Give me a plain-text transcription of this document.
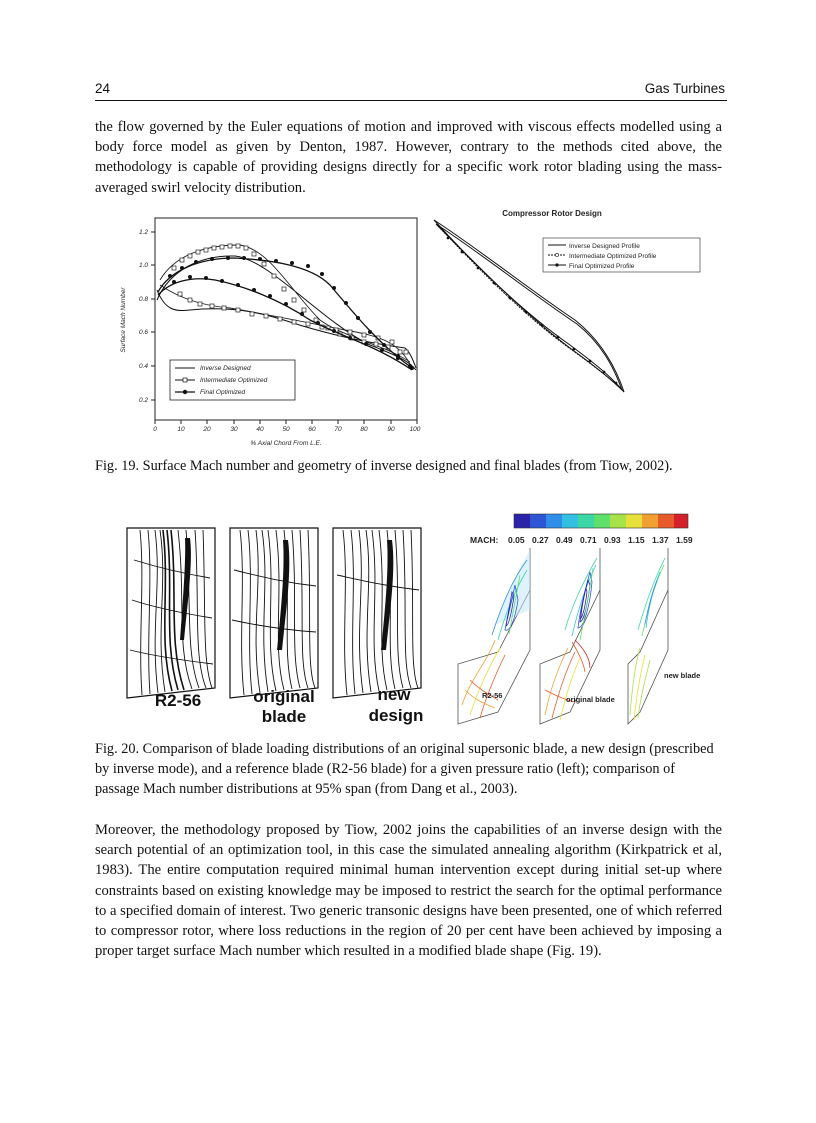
24	Gas Turbines

the flow governed by the Euler equations of motion and improved with viscous effects modelled using a body force model as given by Denton, 1987. However, contrary to the methods cited above, the methodology is capable of providing designs directly for a specific work rotor blading using the mass-averaged swirl velocity distribution.

1.2
1.0
0.8
0.6
0.4
0.2
0	10	20	30	40	50	60	70	80	90 100
% Axial Chord From L.E.
Surface Mach Number
Inverse Designed
Intermediate Optimized
Final Optimized
Compressor Rotor Design
Inverse Designed Profile
Intermediate Optimized Profile
Final Optimized Profile

Fig. 19. Surface Mach number and geometry of inverse designed and final blades (from Tiow, 2002).

R2-56	original
blade
new
design
MACH: 0.05 0.27 0.49 0.71 0.93 1.15 1.37 1.59
R2-56	original blade
new blade

Fig. 20. Comparison of blade loading distributions of an original supersonic blade, a new design (prescribed by inverse mode), and a reference blade (R2-56 blade) for a given pressure ratio (left); comparison of passage Mach number distributions at 95% span (from Dang et al., 2003).

Moreover, the methodology proposed by Tiow, 2002 joins the capabilities of an inverse design with the search potential of an optimization tool, in this case the simulated annealing algorithm (Kirkpatrick et al, 1983). The entire computation required minimal human intervention except during initial set-up where constraints based on existing knowledge may be imposed to restrict the search for the optimal performance to a specified domain of interest. Two generic transonic designs have been presented, one of which referred to compressor rotor, where loss reductions in the region of 20 per cent have been achieved by imposing a proper target surface Mach number which resulted in a modified blade shape (Fig. 19).
